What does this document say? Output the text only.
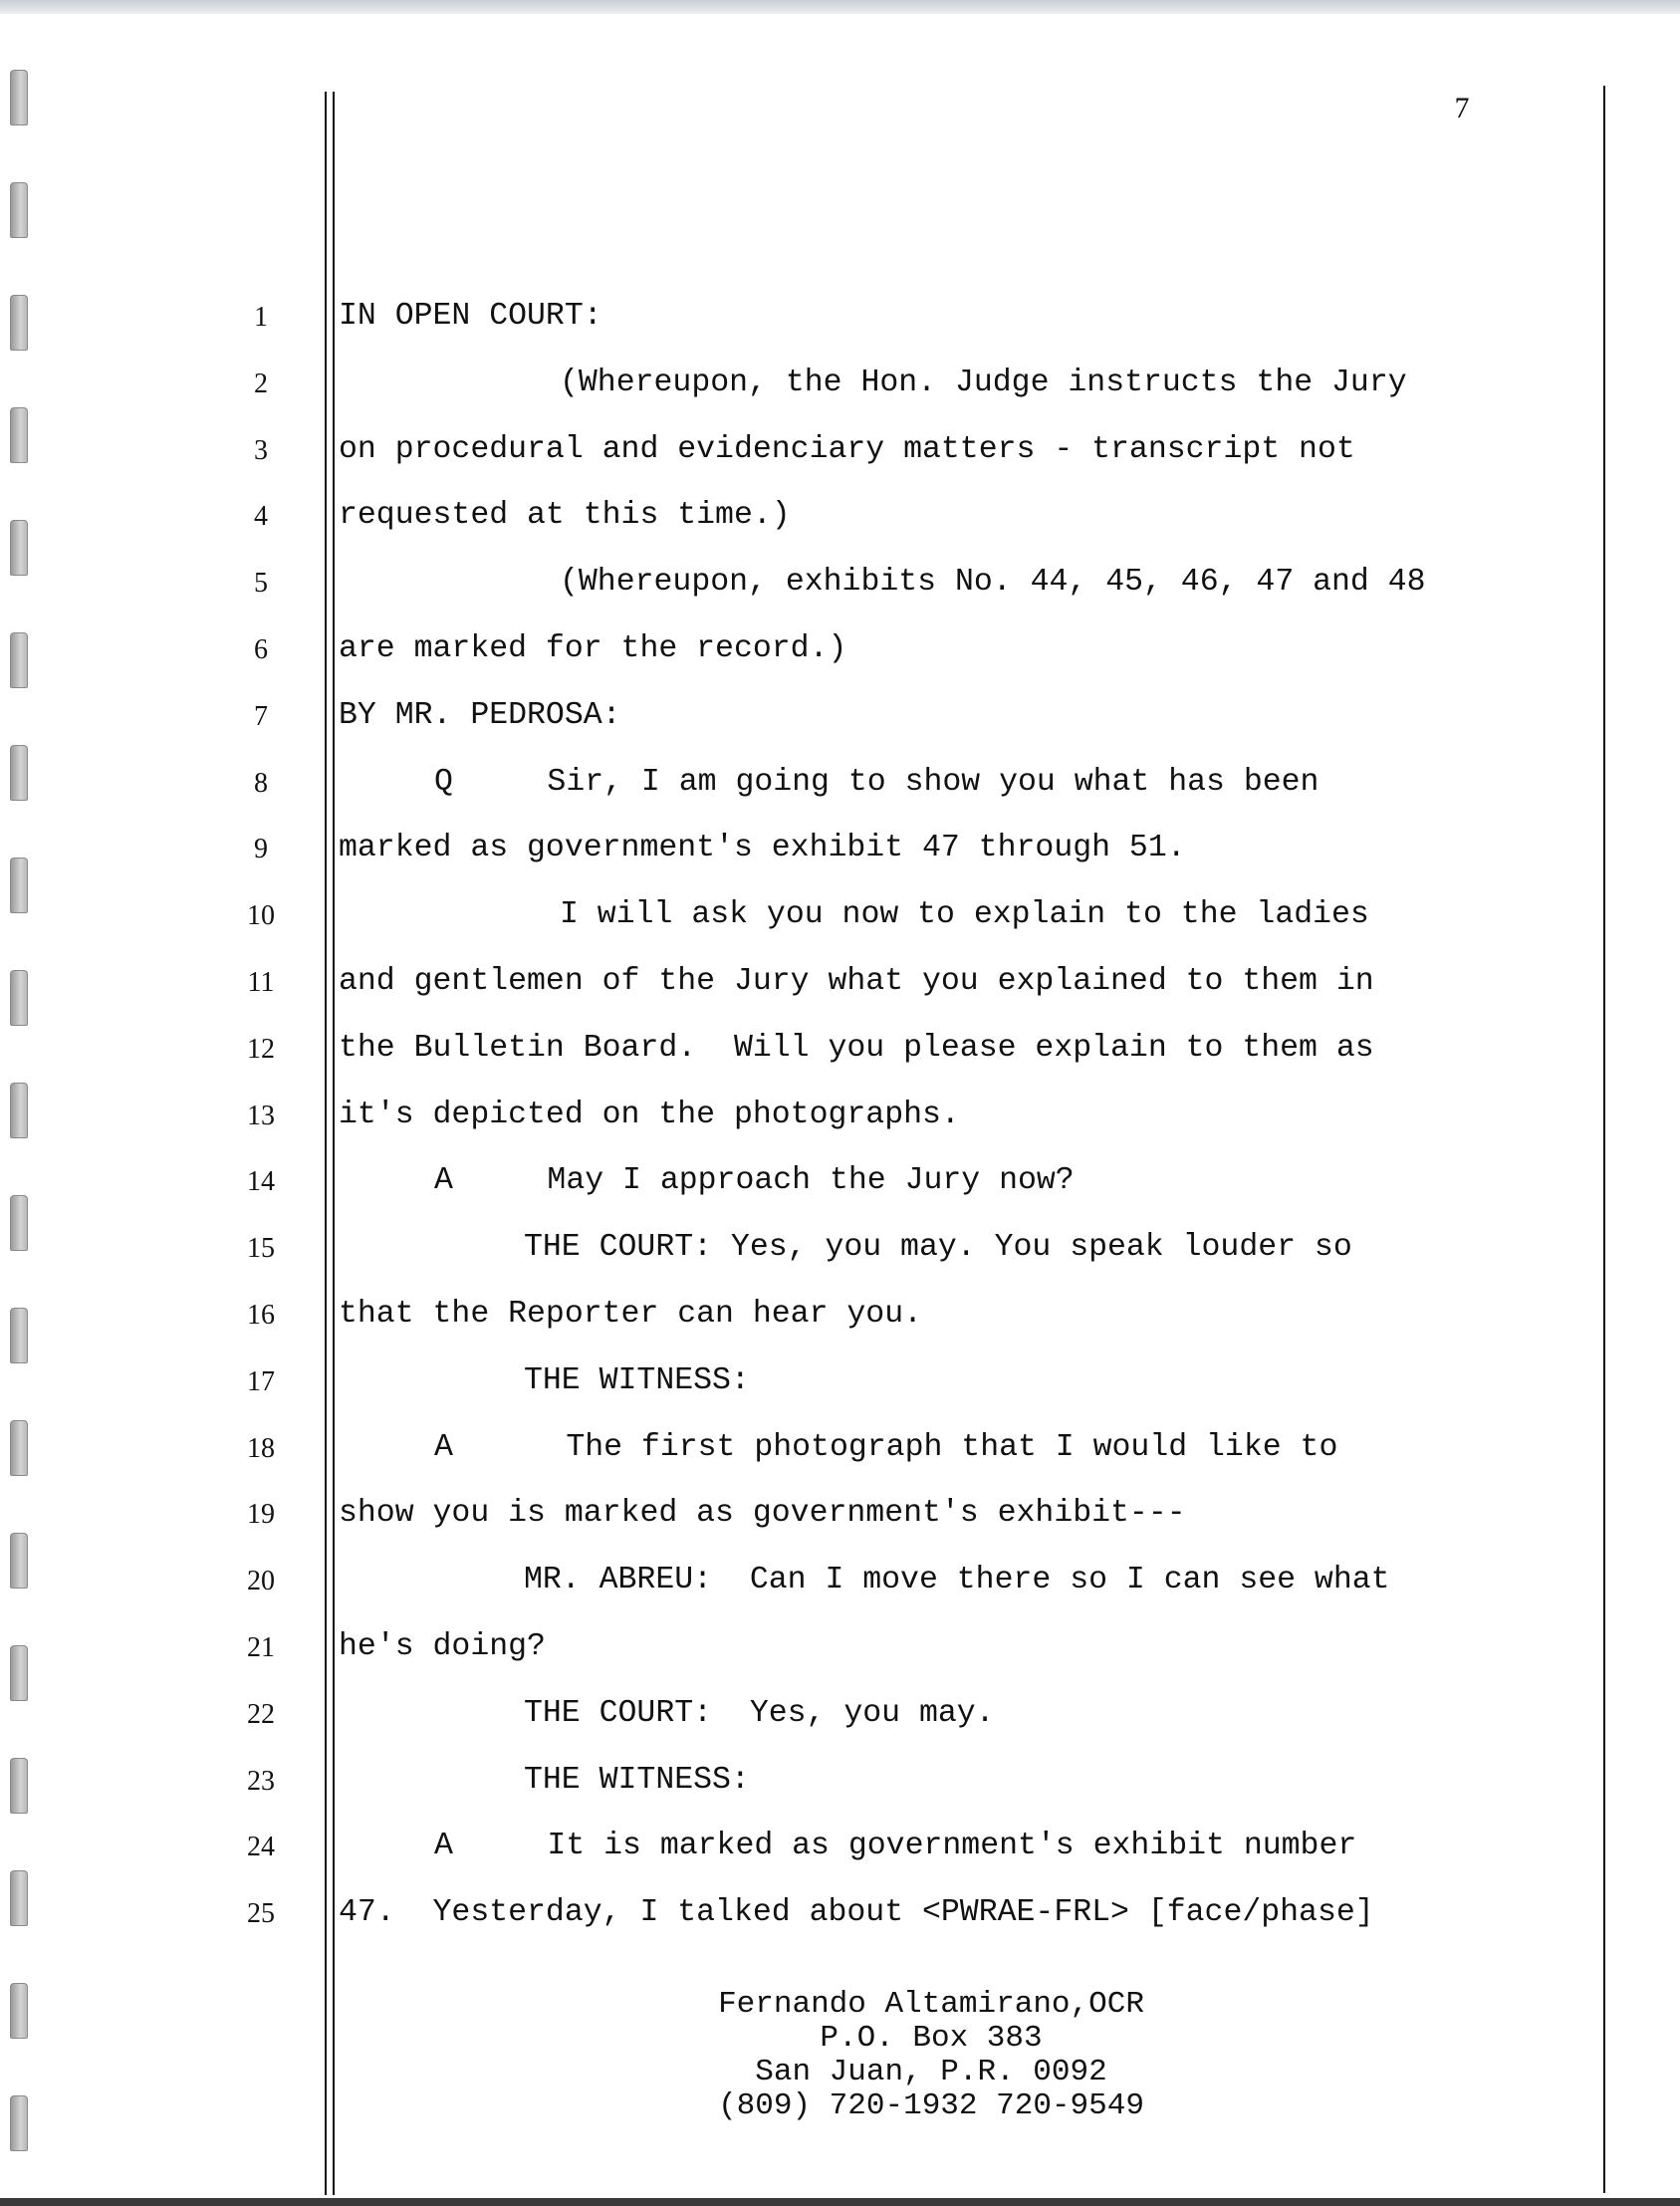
7
1	IN OPEN COURT:
2	(Whereupon, the Hon. Judge instructs the Jury
3	on procedural and evidenciary matters - transcript not
4	requested at this time.)
5	(Whereupon, exhibits No. 44, 45, 46, 47 and 48
6	are marked for the record.)
7	BY MR. PEDROSA:
8	Q     Sir, I am going to show you what has been
9	marked as government's exhibit 47 through 51.
10	I will ask you now to explain to the ladies
11	and gentlemen of the Jury what you explained to them in
12	the Bulletin Board.  Will you please explain to them as
13	it's depicted on the photographs.
14	A     May I approach the Jury now?
15	THE COURT: Yes, you may. You speak louder so
16	that the Reporter can hear you.
17	THE WITNESS:
18	A      The first photograph that I would like to
19	show you is marked as government's exhibit---
20	MR. ABREU:  Can I move there so I can see what
21	he's doing?
22	THE COURT:  Yes, you may.
23	THE WITNESS:
24	A     It is marked as government's exhibit number
25	47.  Yesterday, I talked about <PWRAE-FRL> [face/phase]
Fernando Altamirano,OCR
P.O. Box 383
San Juan, P.R. 0092
(809) 720-1932 720-9549
